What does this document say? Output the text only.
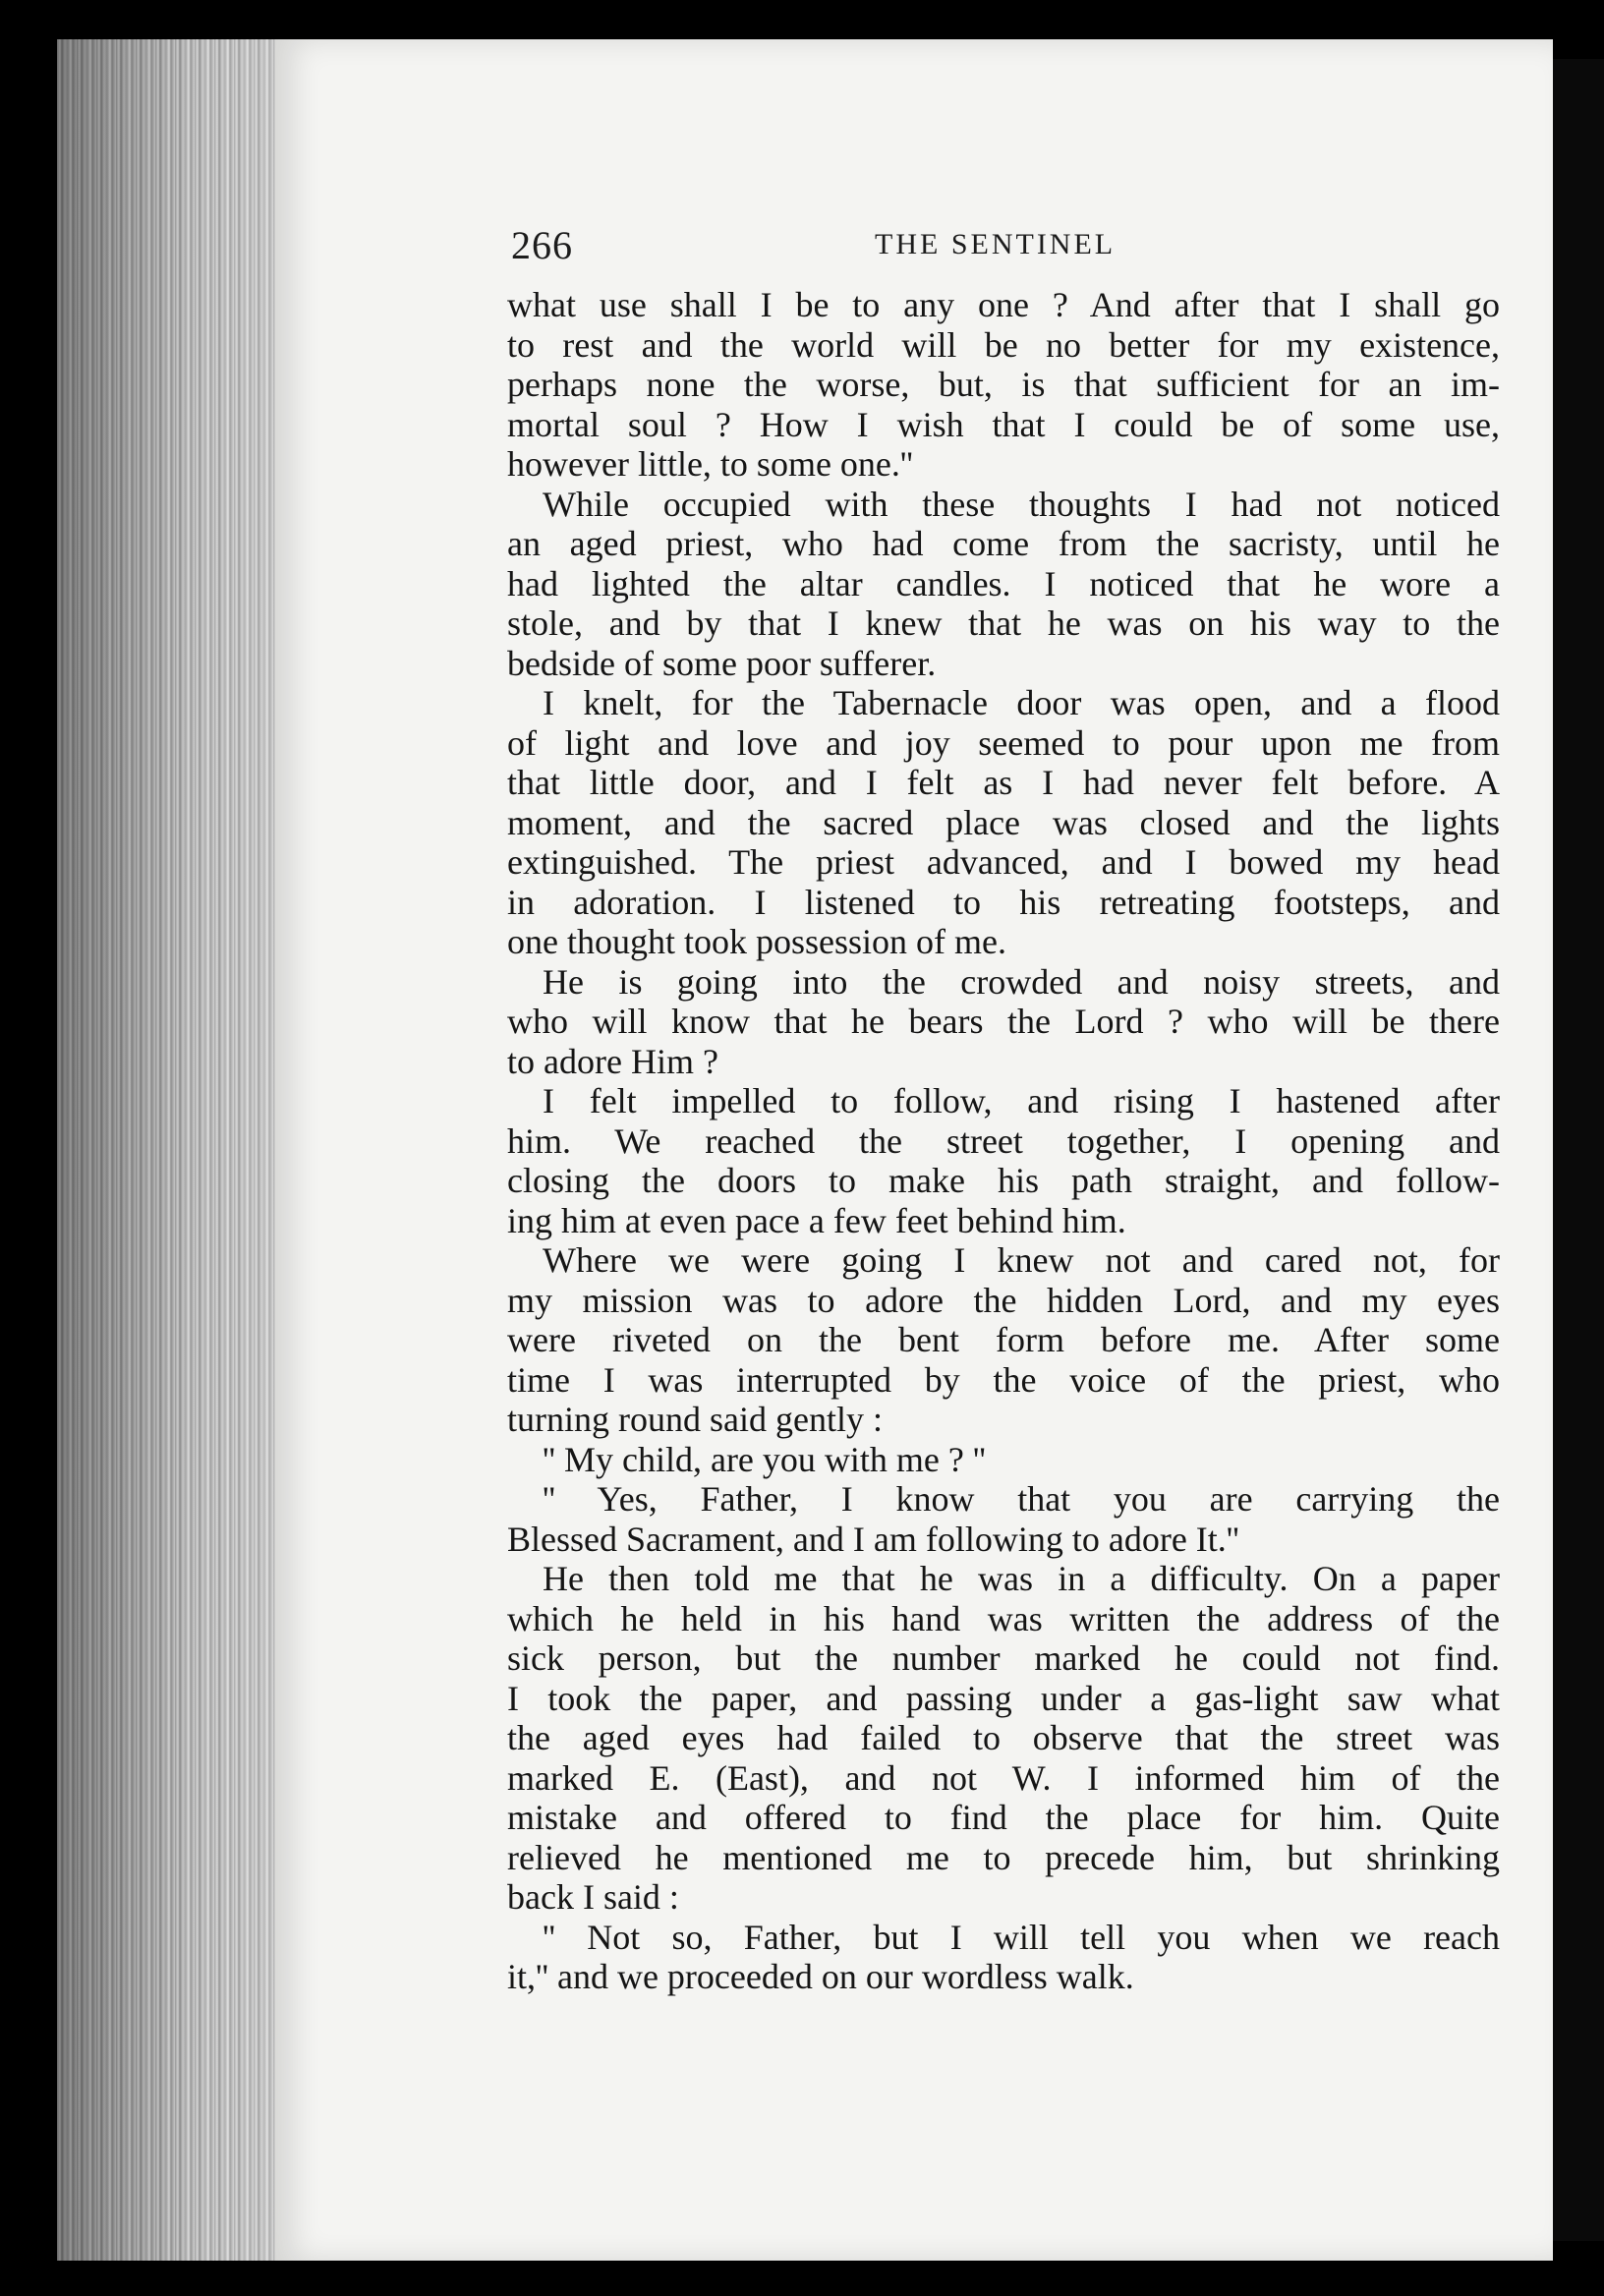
266	THE SENTINEL
what use shall I be to any one ? And after that I shall go
to rest and the world will be no better for my existence,
perhaps none the worse, but, is that sufficient for an im-
mortal soul ? How I wish that I could be of some use,
however little, to some one.''
While occupied with these thoughts I had not noticed
an aged priest, who had come from the sacristy, until he
had lighted the altar candles. I noticed that he wore a
stole, and by that I knew that he was on his way to the
bedside of some poor sufferer.
I knelt, for the Tabernacle door was open, and a flood
of light and love and joy seemed to pour upon me from
that little door, and I felt as I had never felt before. A
moment, and the sacred place was closed and the lights
extinguished. The priest advanced, and I bowed my head
in adoration. I listened to his retreating footsteps, and
one thought took possession of me.
He is going into the crowded and noisy streets, and
who will know that he bears the Lord ? who will be there
to adore Him ?
I felt impelled to follow, and rising I hastened after
him. We reached the street together, I opening and
closing the doors to make his path straight, and follow-
ing him at even pace a few feet behind him.
Where we were going I knew not and cared not, for
my mission was to adore the hidden Lord, and my eyes
were riveted on the bent form before me. After some
time I was interrupted by the voice of the priest, who
turning round said gently :
'' My child, are you with me ? ''
'' Yes, Father, I know that you are carrying the
Blessed Sacrament, and I am following to adore It.''
He then told me that he was in a difficulty. On a paper
which he held in his hand was written the address of the
sick person, but the number marked he could not find.
I took the paper, and passing under a gas-light saw what
the aged eyes had failed to observe that the street was
marked E. (East), and not W. I informed him of the
mistake and offered to find the place for him. Quite
relieved he mentioned me to precede him, but shrinking
back I said :
'' Not so, Father, but I will tell you when we reach
it,'' and we proceeded on our wordless walk.
